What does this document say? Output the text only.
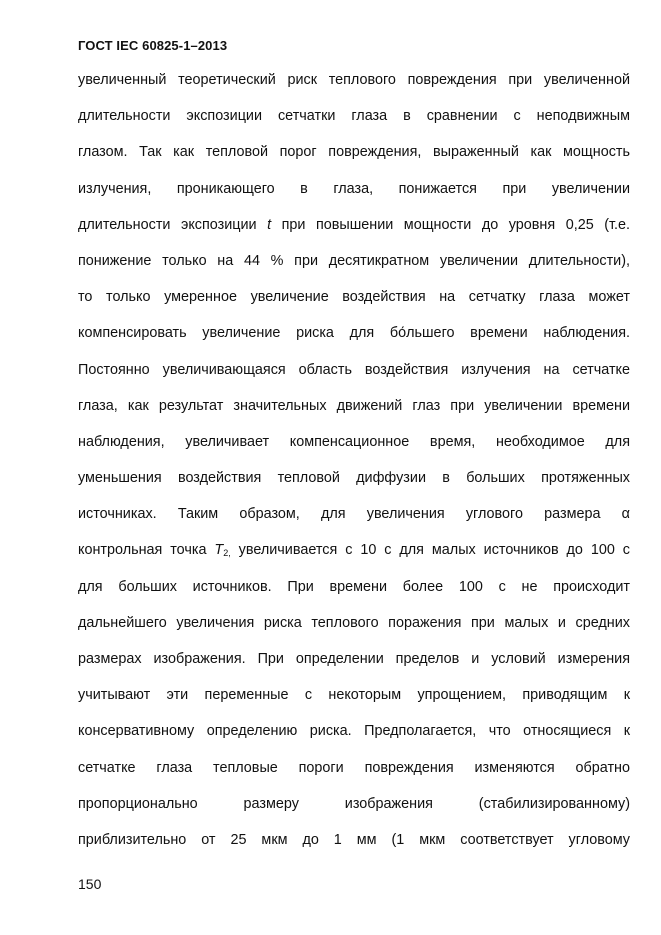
ГОСТ IEC 60825-1–2013
увеличенный теоретический риск теплового повреждения при увеличенной
длительности экспозиции сетчатки глаза в сравнении с неподвижным
глазом. Так как тепловой порог повреждения, выраженный как мощность
излучения, проникающего в глаза, понижается при увеличении
длительности экспозиции t при повышении мощности до уровня 0,25 (т.е.
понижение только на 44 % при десятикратном увеличении длительности),
то только умеренное увеличение воздействия на сетчатку глаза может
компенсировать увеличение риска для бо́льшего времени наблюдения.
Постоянно увеличивающаяся область воздействия излучения на сетчатке
глаза, как результат значительных движений глаз при увеличении времени
наблюдения, увеличивает компенсационное время, необходимое для
уменьшения воздействия тепловой диффузии в больших протяженных
источниках. Таким образом, для увеличения углового размера α
контрольная точка $T_{2,}$ увеличивается с 10 с для малых источников до 100 с
для больших источников. При времени более 100 с не происходит
дальнейшего увеличения риска теплового поражения при малых и средних
размерах изображения. При определении пределов и условий измерения
учитывают эти переменные с некоторым упрощением, приводящим к
консервативному определению риска. Предполагается, что относящиеся к
сетчатке глаза тепловые пороги повреждения изменяются обратно
пропорционально размеру изображения (стабилизированному)
приблизительно от 25 мкм до 1 мм (1 мкм соответствует угловому
150
